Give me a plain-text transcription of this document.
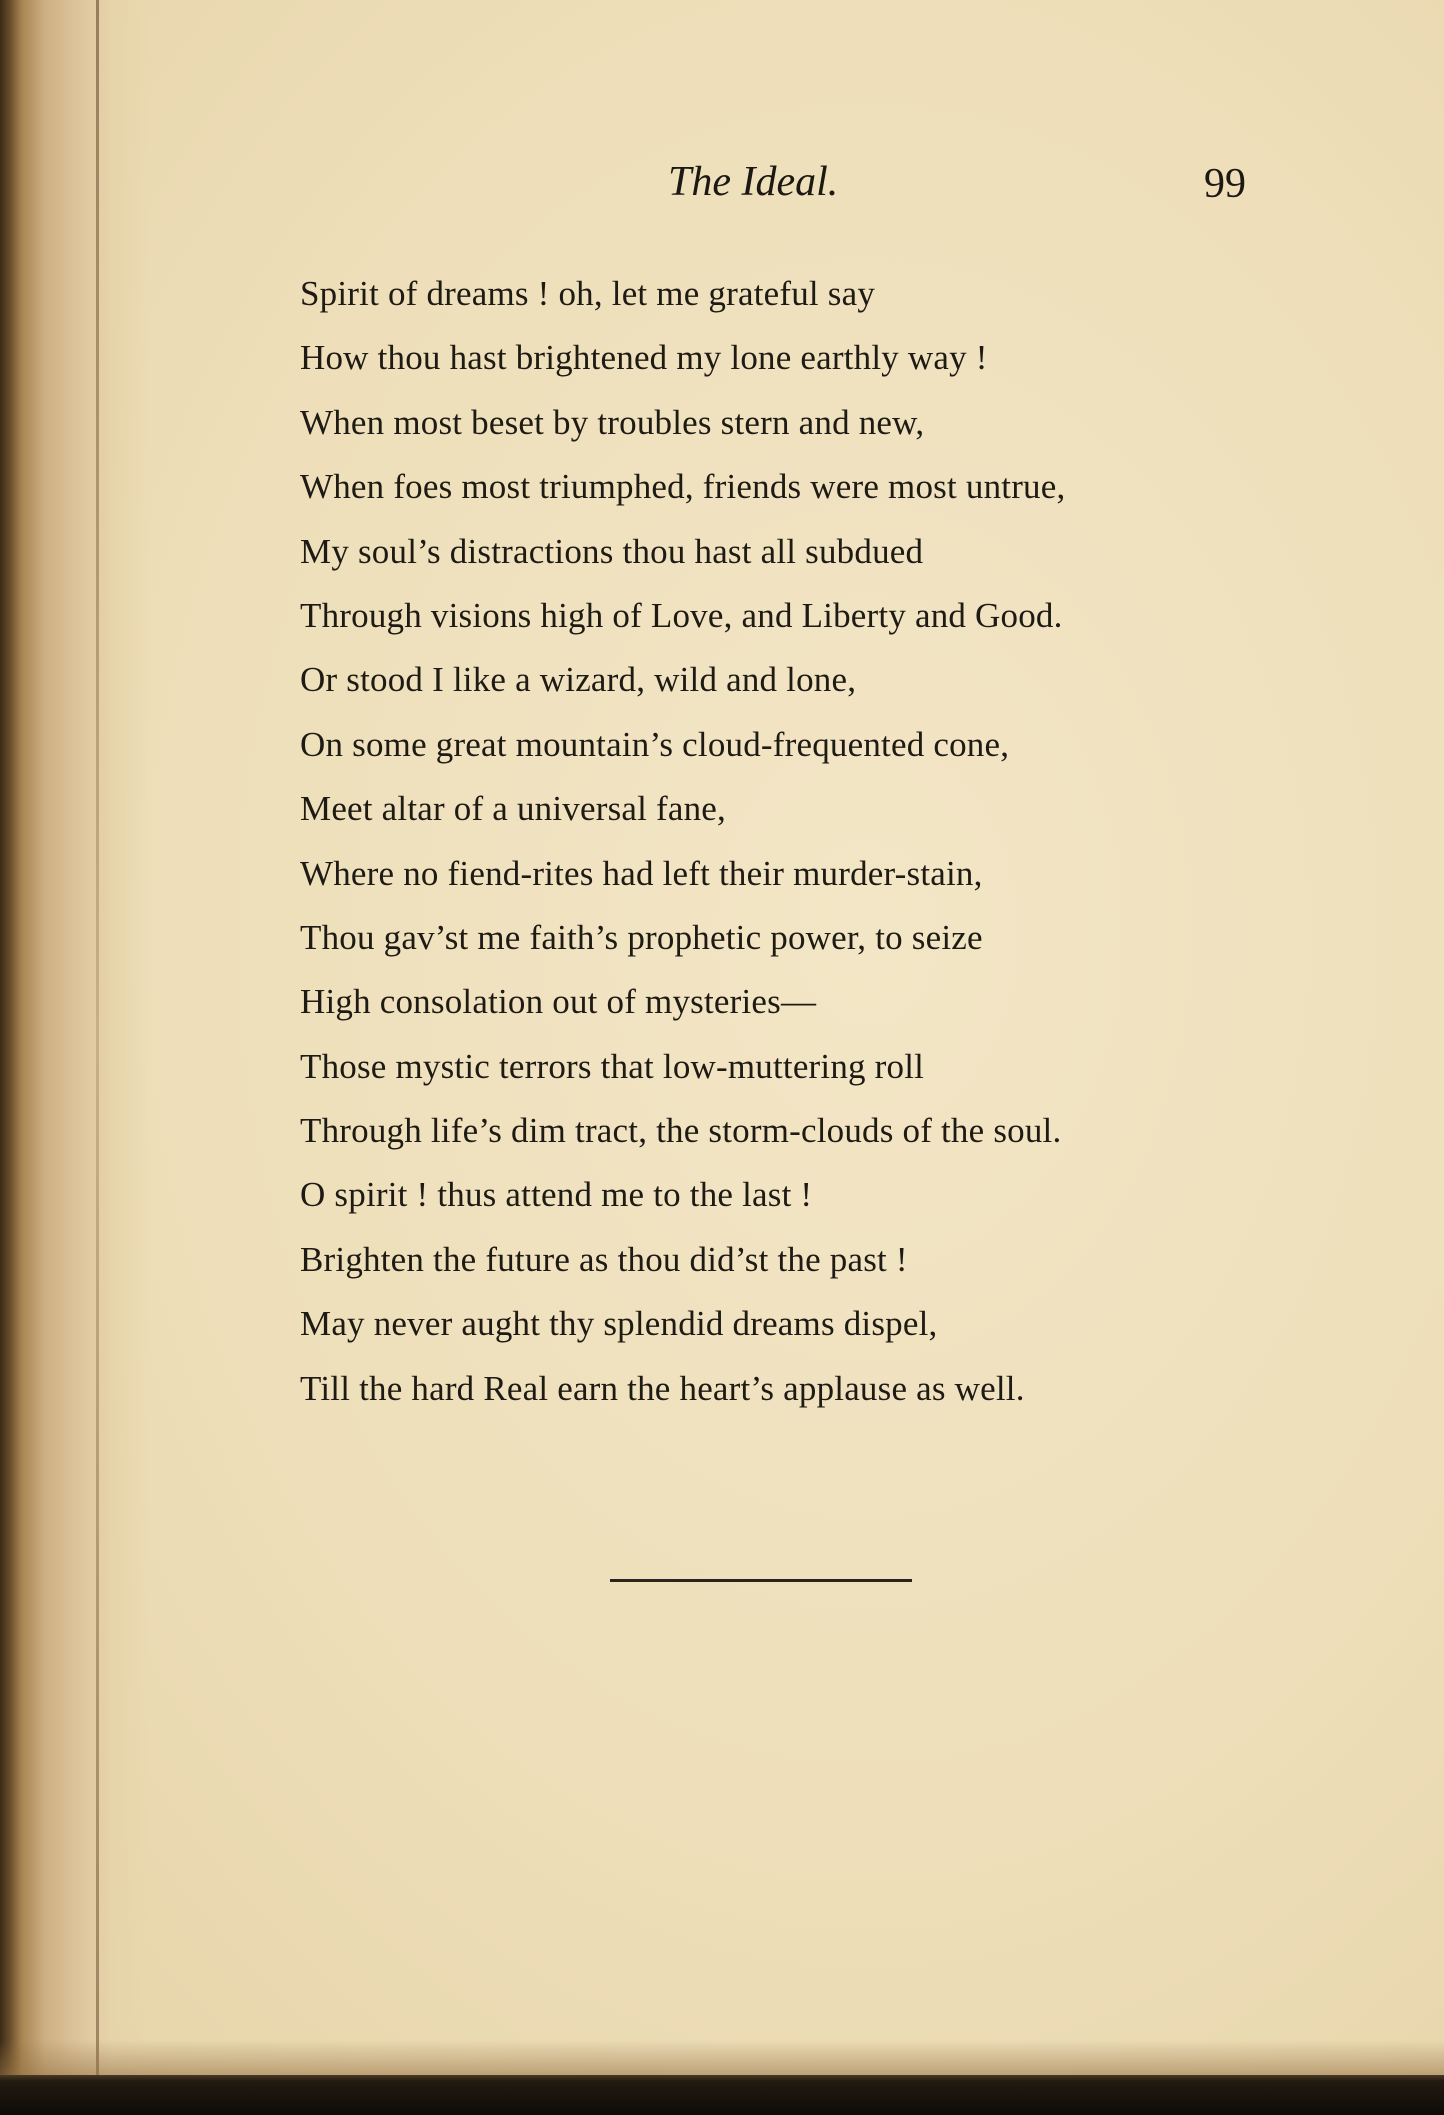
The Ideal.	99
Spirit of dreams ! oh, let me grateful say
How thou hast brightened my lone earthly way !
When most beset by troubles stern and new,
When foes most triumphed, friends were most untrue,
My soul’s distractions thou hast all subdued
Through visions high of Love, and Liberty and Good.
Or stood I like a wizard, wild and lone,
On some great mountain’s cloud-frequented cone,
Meet altar of a universal fane,
Where no fiend-rites had left their murder-stain,
Thou gav’st me faith’s prophetic power, to seize
High consolation out of mysteries—
Those mystic terrors that low-muttering roll
Through life’s dim tract, the storm-clouds of the soul.
O spirit ! thus attend me to the last !
Brighten the future as thou did’st the past !
May never aught thy splendid dreams dispel,
Till the hard Real earn the heart’s applause as well.
